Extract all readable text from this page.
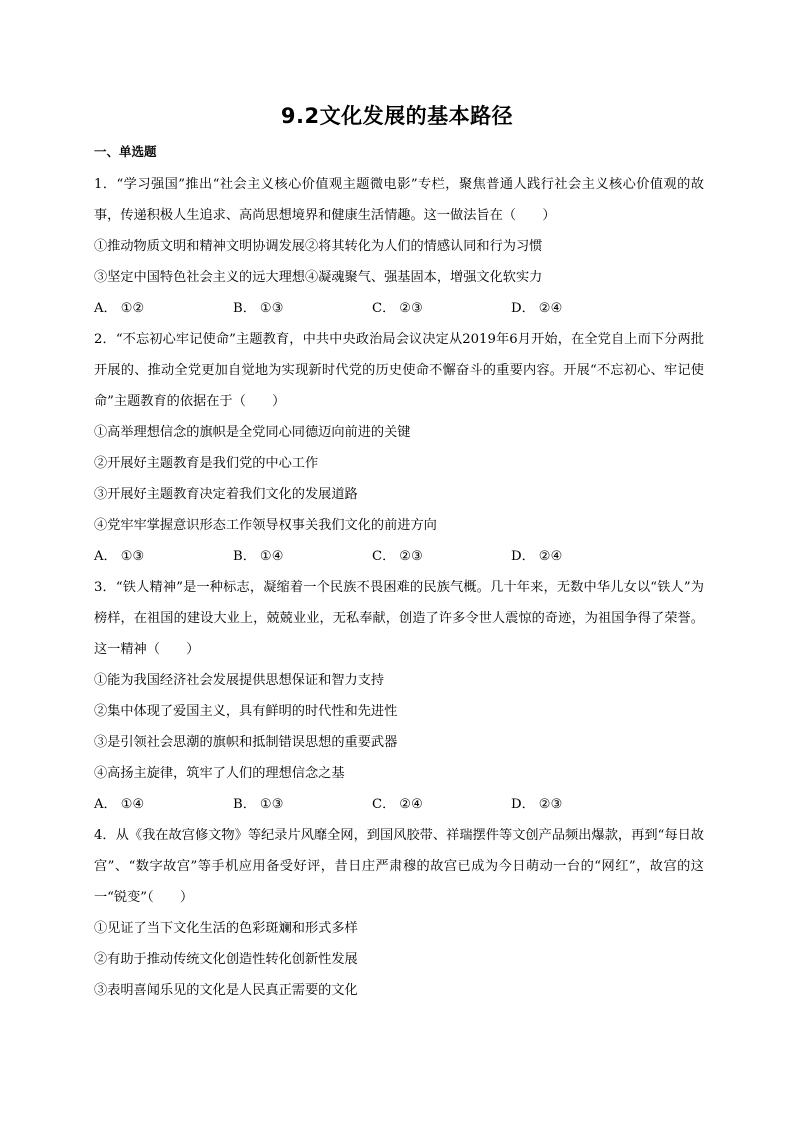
9.2文化发展的基本路径
一、单选题
1．“学习强国”推出“社会主义核心价值观主题微电影”专栏，聚焦普通人践行社会主义核心价值观的故事，传递积极人生追求、高尚思想境界和健康生活情趣。这一做法旨在（　　）
①推动物质文明和精神文明协调发展②将其转化为人们的情感认同和行为习惯
③坚定中国特色社会主义的远大理想④凝魂聚气、强基固本，增强文化软实力
A． ①②	B． ①③	C． ②③	D． ②④
2．“不忘初心牢记使命”主题教育，中共中央政治局会议决定从2019年6月开始，在全党自上而下分两批开展的、推动全党更加自觉地为实现新时代党的历史使命不懈奋斗的重要内容。开展“不忘初心、牢记使命”主题教育的依据在于（　　）
①高举理想信念的旗帜是全党同心同德迈向前进的关键
②开展好主题教育是我们党的中心工作
③开展好主题教育决定着我们文化的发展道路
④党牢牢掌握意识形态工作领导权事关我们文化的前进方向
A． ①③	B． ①④	C． ②③	D． ②④
3．“铁人精神”是一种标志，凝缩着一个民族不畏困难的民族气概。几十年来，无数中华儿女以“铁人”为榜样，在祖国的建设大业上，兢兢业业，无私奉献，创造了许多令世人震惊的奇迹，为祖国争得了荣誉。这一精神（　　）
①能为我国经济社会发展提供思想保证和智力支持
②集中体现了爱国主义，具有鲜明的时代性和先进性
③是引领社会思潮的旗帜和抵制错误思想的重要武器
④高扬主旋律，筑牢了人们的理想信念之基
A． ①④	B． ①③	C． ②④	D． ②③
4．从《我在故宫修文物》等纪录片风靡全网，到国风胶带、祥瑞摆件等文创产品频出爆款，再到“每日故宫”、“数字故宫”等手机应用备受好评，昔日庄严肃穆的故宫已成为今日萌动一台的“网红”，故宫的这一“锐变”（　　）
①见证了当下文化生活的色彩斑斓和形式多样
②有助于推动传统文化创造性转化创新性发展
③表明喜闻乐见的文化是人民真正需要的文化
